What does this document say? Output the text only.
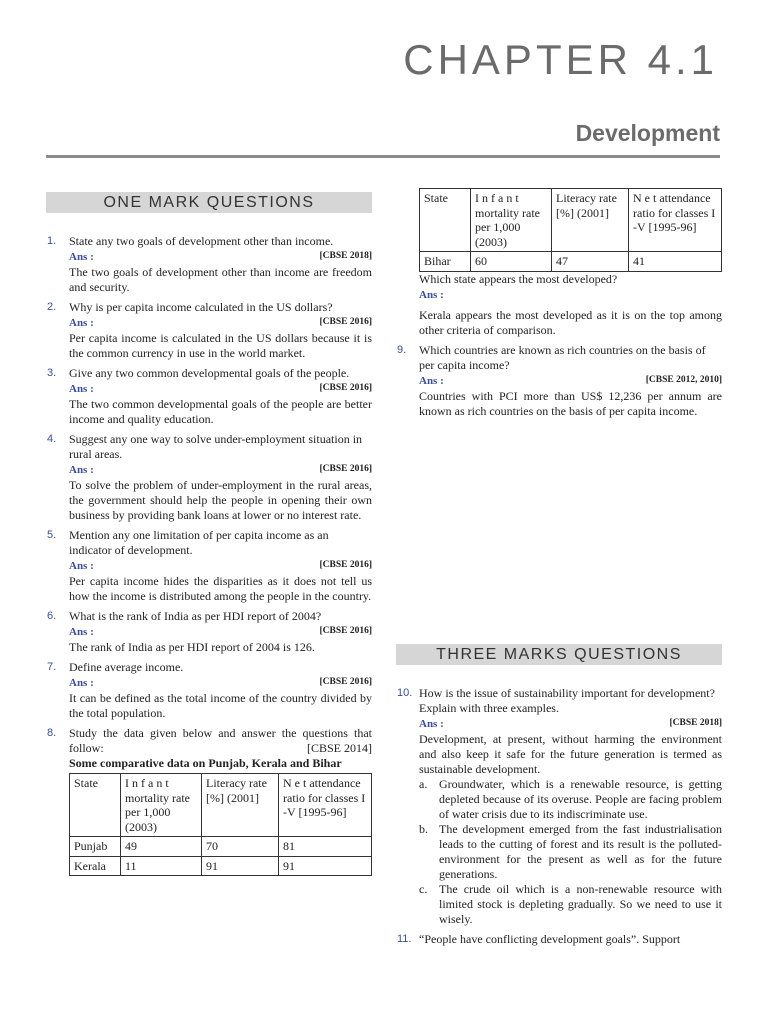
CHAPTER 4.1
Development
ONE MARK QUESTIONS
THREE MARKS QUESTIONS
1. State any two goals of development other than income.
Ans :	[CBSE 2018]
The two goals of development other than income are freedom and security.
2. Why is per capita income calculated in the US dollars?
Ans :	[CBSE 2016]
Per capita income is calculated in the US dollars because it is the common currency in use in the world market.
3. Give any two common developmental goals of the people.
Ans :	[CBSE 2016]
The two common developmental goals of the people are better income and quality education.
4. Suggest any one way to solve under-employment situation in rural areas.
Ans :	[CBSE 2016]
To solve the problem of under-employment in the rural areas, the government should help the people in opening their own business by providing bank loans at lower or no interest rate.
5. Mention any one limitation of per capita income as an indicator of development.
Ans :	[CBSE 2016]
Per capita income hides the disparities as it does not tell us how the income is distributed among the people in the country.
6. What is the rank of India as per HDI report of 2004?
Ans :	[CBSE 2016]
The rank of India as per HDI report of 2004 is 126.
7. Define average income.
Ans :	[CBSE 2016]
It can be defined as the total income of the country divided by the total population.
8. Study the data given below and answer the questions that follow:	[CBSE 2014]
Some comparative data on Punjab, Kerala and Bihar
State	I n f a n t mortality rate per 1,000 (2003)	Literacy rate [%] (2001]	N e t attendance ratio for classes I -V [1995-96]
Punjab	49	70	81
Kerala	11	91	91
State	I n f a n t mortality rate per 1,000 (2003)	Literacy rate [%] (2001]	N e t attendance ratio for classes I -V [1995-96]
Bihar	60	47	41
Which state appears the most developed?
Ans :
Kerala appears the most developed as it is on the top among other criteria of comparison.
9. Which countries are known as rich countries on the basis of per capita income?
Ans :	[CBSE 2012, 2010]
Countries with PCI more than US$ 12,236 per annum are known as rich countries on the basis of per capita income.
10. How is the issue of sustainability important for development? Explain with three examples.
Ans :	[CBSE 2018]
Development, at present, without harming the environment and also keep it safe for the future generation is termed as sustainable development.
a. Groundwater, which is a renewable resource, is getting depleted because of its overuse. People are facing problem of water crisis due to its indiscriminate use.
b. The development emerged from the fast industrialisation leads to the cutting of forest and its result is the polluted- environment for the present as well as for the future generations.
c. The crude oil which is a non-renewable resource with limited stock is depleting gradually. So we need to use it wisely.
11. “People have conflicting development goals”. Support
